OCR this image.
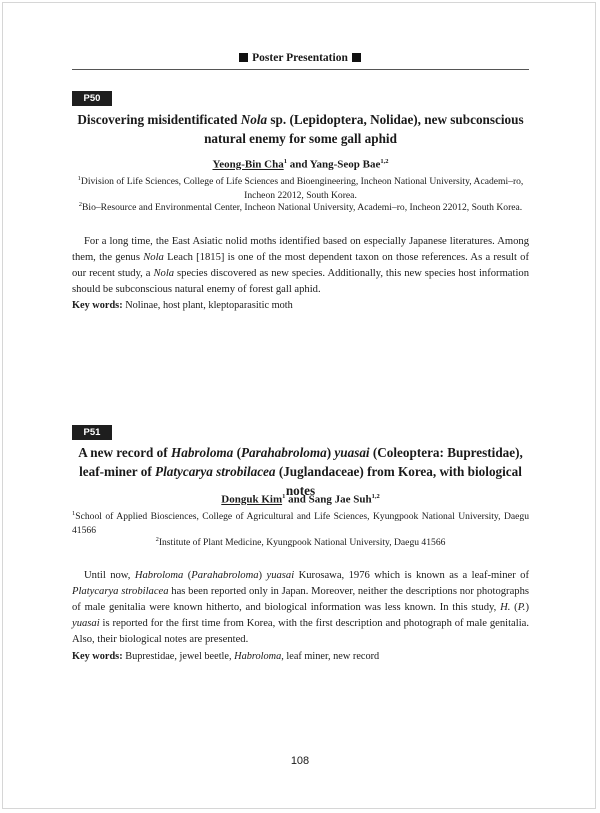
Poster Presentation
P50
Discovering misidentificated Nola sp. (Lepidoptera, Nolidae), new subconscious
natural enemy for some gall aphid
Yeong-Bin Cha$^1$ and Yang-Seop Bae$^{1,2}$
$^1$Division of Life Sciences, College of Life Sciences and Bioengineering, Incheon National University, Academi–ro, Incheon 22012, South Korea.
$^2$Bio–Resource and Environmental Center, Incheon National University, Academi–ro, Incheon 22012, South Korea.
For a long time, the East Asiatic nolid moths identified based on especially Japanese literatures. Among them, the genus Nola Leach [1815] is one of the most dependent taxon on those references. As a result of our recent study, a Nola species discovered as new species. Additionally, this new species host information should be subconscious natural enemy of forest gall aphid.
Key words: Nolinae, host plant, kleptoparasitic moth
P51
A new record of Habroloma (Parahabroloma) yuasai (Coleoptera: Buprestidae),
leaf-miner of Platycarya strobilacea (Juglandaceae) from Korea, with biological notes
Donguk Kim$^1$ and Sang Jae Suh$^{1,2}$
$^1$School of Applied Biosciences, College of Agricultural and Life Sciences, Kyungpook National University, Daegu 41566
$^2$Institute of Plant Medicine, Kyungpook National University, Daegu 41566
Until now, Habroloma (Parahabroloma) yuasai Kurosawa, 1976 which is known as a leaf-miner of Platycarya strobilacea has been reported only in Japan. Moreover, neither the descriptions nor photographs of male genitalia were known hitherto, and biological information was less known. In this study, H. (P.) yuasai is reported for the first time from Korea, with the first description and photograph of male genitalia. Also, their biological notes are presented.
Key words: Buprestidae, jewel beetle, Habroloma, leaf miner, new record
108
